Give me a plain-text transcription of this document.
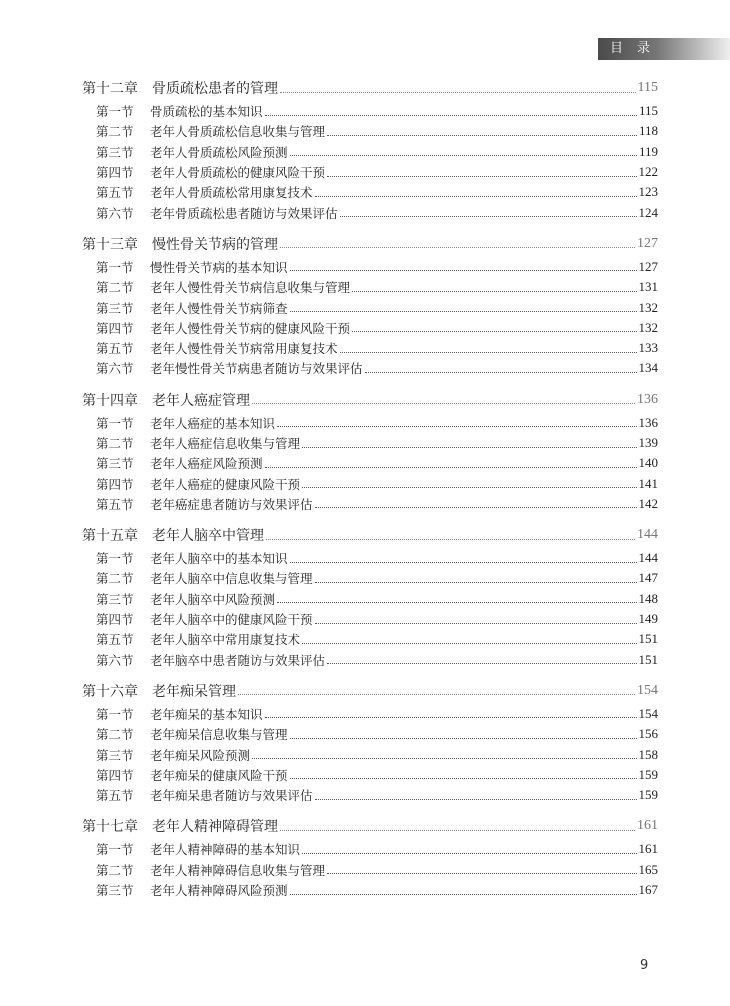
目录
第十二章	骨质疏松患者的管理	115
第一节	骨质疏松的基本知识	115
第二节	老年人骨质疏松信息收集与管理	118
第三节	老年人骨质疏松风险预测	119
第四节	老年人骨质疏松的健康风险干预	122
第五节	老年人骨质疏松常用康复技术	123
第六节	老年骨质疏松患者随访与效果评估	124
第十三章	慢性骨关节病的管理	127
第一节	慢性骨关节病的基本知识	127
第二节	老年人慢性骨关节病信息收集与管理	131
第三节	老年人慢性骨关节病筛查	132
第四节	老年人慢性骨关节病的健康风险干预	132
第五节	老年人慢性骨关节病常用康复技术	133
第六节	老年慢性骨关节病患者随访与效果评估	134
第十四章	老年人癌症管理	136
第一节	老年人癌症的基本知识	136
第二节	老年人癌症信息收集与管理	139
第三节	老年人癌症风险预测	140
第四节	老年人癌症的健康风险干预	141
第五节	老年癌症患者随访与效果评估	142
第十五章	老年人脑卒中管理	144
第一节	老年人脑卒中的基本知识	144
第二节	老年人脑卒中信息收集与管理	147
第三节	老年人脑卒中风险预测	148
第四节	老年人脑卒中的健康风险干预	149
第五节	老年人脑卒中常用康复技术	151
第六节	老年脑卒中患者随访与效果评估	151
第十六章	老年痴呆管理	154
第一节	老年痴呆的基本知识	154
第二节	老年痴呆信息收集与管理	156
第三节	老年痴呆风险预测	158
第四节	老年痴呆的健康风险干预	159
第五节	老年痴呆患者随访与效果评估	159
第十七章	老年人精神障碍管理	161
第一节	老年人精神障碍的基本知识	161
第二节	老年人精神障碍信息收集与管理	165
第三节	老年人精神障碍风险预测	167
9
